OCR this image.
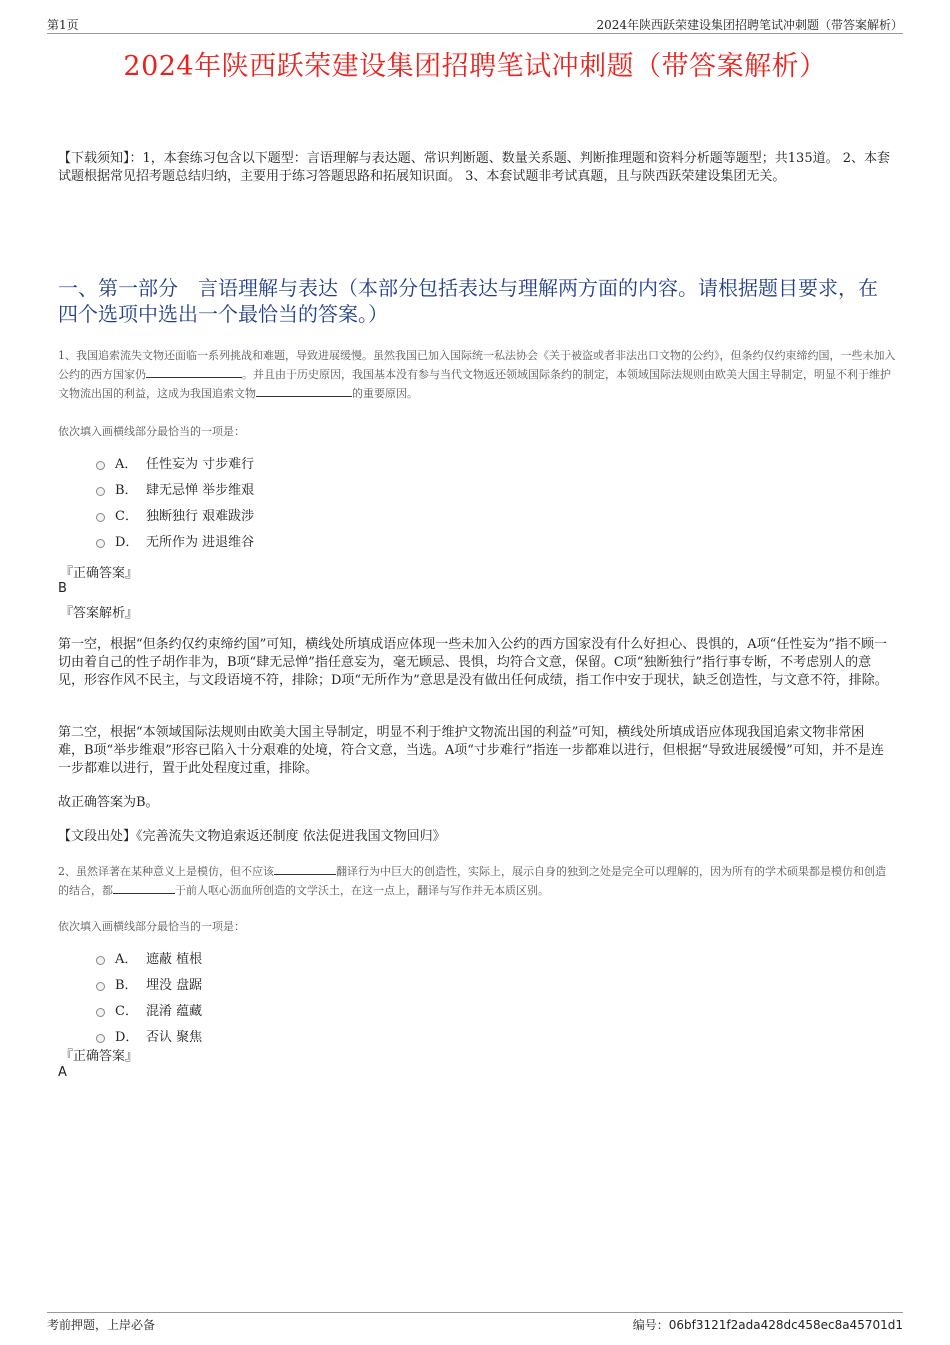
第1页	2024年陕西跃荣建设集团招聘笔试冲刺题（带答案解析）
2024年陕西跃荣建设集团招聘笔试冲刺题（带答案解析）
【下载须知】：1，本套练习包含以下题型：言语理解与表达题、常识判断题、数量关系题、判断推理题和资料分析题等题型；共135道。 2、本套试题根据常见招考题总结归纳，主要用于练习答题思路和拓展知识面。 3、本套试题非考试真题，且与陕西跃荣建设集团无关。
一、第一部分　言语理解与表达（本部分包括表达与理解两方面的内容。请根据题目要求，在四个选项中选出一个最恰当的答案。）
1、我国追索流失文物还面临一系列挑战和难题，导致进展缓慢。虽然我国已加入国际统一私法协会《关于被盗或者非法出口文物的公约》，但条约仅约束缔约国，一些未加入公约的西方国家仍	。并且由于历史原因，我国基本没有参与当代文物返还领域国际条约的制定，本领域国际法规则由欧美大国主导制定，明显不利于维护文物流出国的利益，这成为我国追索文物	的重要原因。
依次填入画横线部分最恰当的一项是：
A． 任性妄为 寸步难行
B． 肆无忌惮 举步维艰
C． 独断独行 艰难跋涉
D． 无所作为 进退维谷
『正确答案』
B
『答案解析』
第一空，根据“但条约仅约束缔约国”可知，横线处所填成语应体现一些未加入公约的西方国家没有什么好担心、畏惧的，A项“任性妄为”指不顾一切由着自己的性子胡作非为，B项“肆无忌惮”指任意妄为，毫无顾忌、畏惧，均符合文意，保留。C项“独断独行”指行事专断，不考虑别人的意见，形容作风不民主，与文段语境不符，排除；D项“无所作为”意思是没有做出任何成绩，指工作中安于现状，缺乏创造性，与文意不符，排除。
第二空，根据“本领域国际法规则由欧美大国主导制定，明显不利于维护文物流出国的利益”可知，横线处所填成语应体现我国追索文物非常困难，B项“举步维艰”形容已陷入十分艰难的处境，符合文意，当选。A项“寸步难行”指连一步都难以进行，但根据“导致进展缓慢”可知，并不是连一步都难以进行，置于此处程度过重，排除。
故正确答案为B。
【文段出处】《完善流失文物追索返还制度 依法促进我国文物回归》
2、虽然译著在某种意义上是模仿，但不应该	翻译行为中巨大的创造性，实际上，展示自身的独到之处是完全可以理解的，因为所有的学术硕果都是模仿和创造的结合，都	于前人呕心沥血所创造的文学沃土，在这一点上，翻译与写作并无本质区别。
依次填入画横线部分最恰当的一项是：
A． 遮蔽 植根
B． 埋没 盘踞
C． 混淆 蕴藏
D． 否认 聚焦
『正确答案』
A
考前押题，上岸必备	编号：06bf3121f2ada428dc458ec8a45701d1
